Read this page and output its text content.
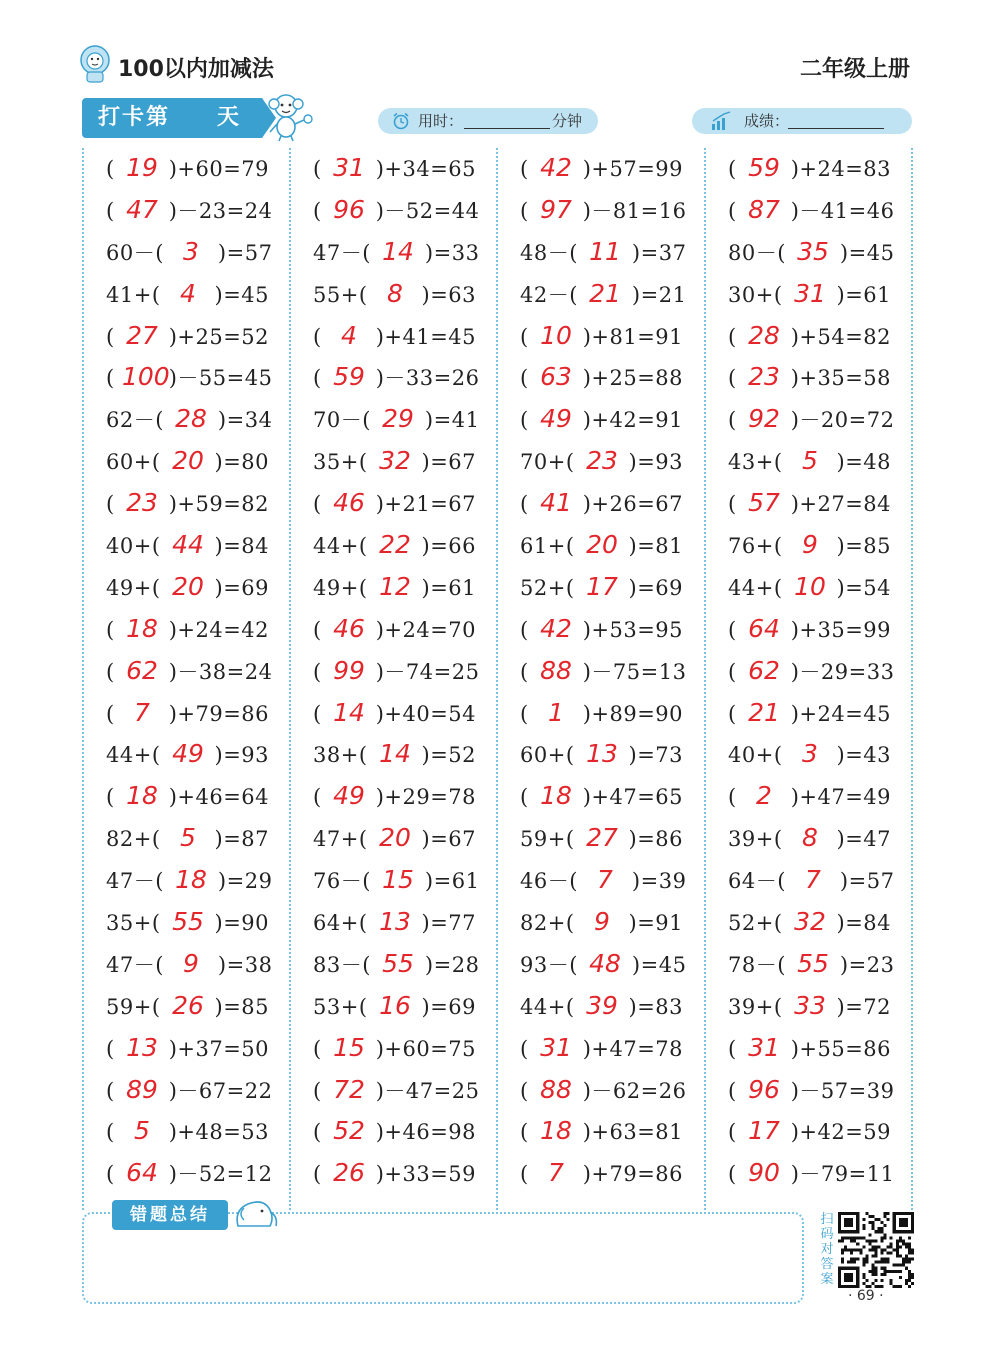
100以内加减法	二年级上册
打卡第 天	用时：	分钟	成绩：
(	)+60=79
19
(	)－23=24
47
60－(	)=57
3
41+(	)=45
4
(	)+25=52
27
(	)－55=45
100
62－(	)=34
28
60+(	)=80
20
(	)+59=82
23
40+(	)=84
44
49+(	)=69
20
(	)+24=42
18
(	)－38=24
62
(	)+79=86
7
44+(	)=93
49
(	)+46=64
18
82+(	)=87
5
47－(	)=29
18
35+(	)=90
55
47－(	)=38
9
59+(	)=85
26
(	)+37=50
13
(	)－67=22
89
(	)+48=53
5
(	)－52=12
64
(	)+34=65
31
(	)－52=44
96
47－(	)=33
14
55+(	)=63
8
(	)+41=45
4
(	)－33=26
59
70－(	)=41
29
35+(	)=67
32
(	)+21=67
46
44+(	)=66
22
49+(	)=61
12
(	)+24=70
46
(	)－74=25
99
(	)+40=54
14
38+(	)=52
14
(	)+29=78
49
47+(	)=67
20
76－(	)=61
15
64+(	)=77
13
83－(	)=28
55
53+(	)=69
16
(	)+60=75
15
(	)－47=25
72
(	)+46=98
52
(	)+33=59
26
(	)+57=99
42
(	)－81=16
97
48－(	)=37
11
42－(	)=21
21
(	)+81=91
10
(	)+25=88
63
(	)+42=91
49
70+(	)=93
23
(	)+26=67
41
61+(	)=81
20
52+(	)=69
17
(	)+53=95
42
(	)－75=13
88
(	)+89=90
1
60+(	)=73
13
(	)+47=65
18
59+(	)=86
27
46－(	)=39
7
82+(	)=91
9
93－(	)=45
48
44+(	)=83
39
(	)+47=78
31
(	)－62=26
88
(	)+63=81
18
(	)+79=86
7
(	)+24=83
59
(	)－41=46
87
80－(	)=45
35
30+(	)=61
31
(	)+54=82
28
(	)+35=58
23
(	)－20=72
92
43+(	)=48
5
(	)+27=84
57
76+(	)=85
9
44+(	)=54
10
(	)+35=99
64
(	)－29=33
62
(	)+24=45
21
40+(	)=43
3
(	)+47=49
2
39+(	)=47
8
64－(	)=57
7
52+(	)=84
32
78－(	)=23
55
39+(	)=72
33
(	)+55=86
31
(	)－57=39
96
(	)+42=59
17
(	)－79=11
90
错题总结	扫码对答案
· 69 ·
